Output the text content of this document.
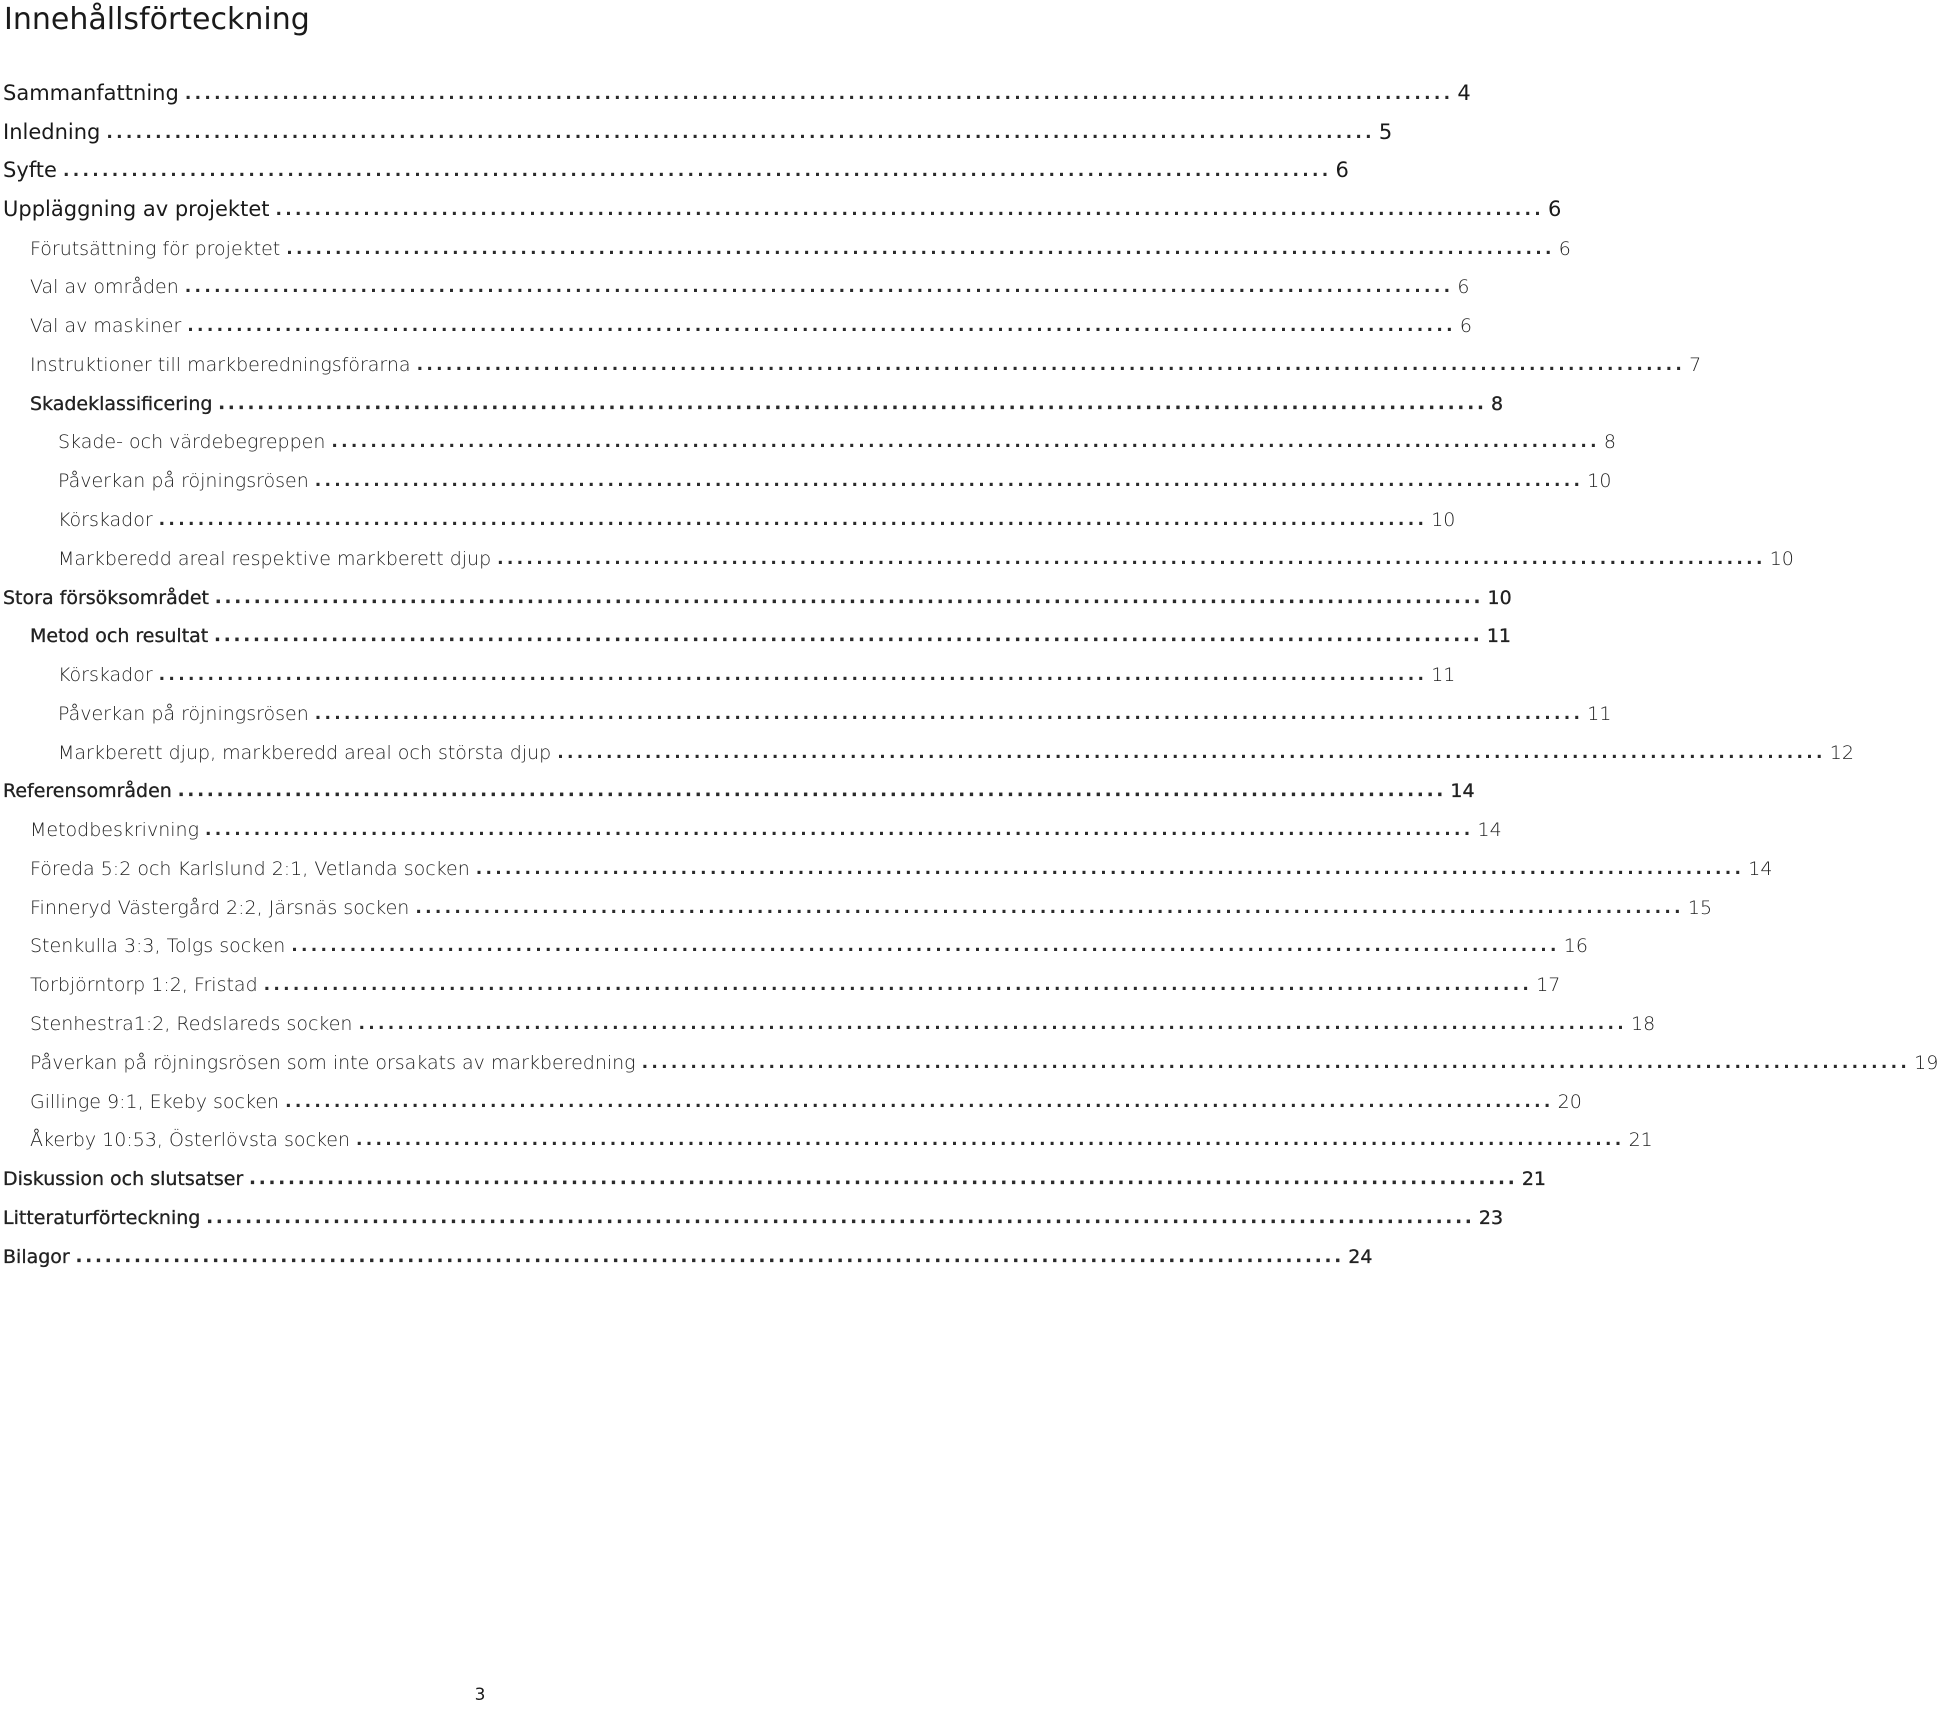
Innehållsförteckning
Sammanfattning .................................................................................................................................. 4
Inledning .................................................................................................................................. 5
Syfte .................................................................................................................................. 6
Uppläggning av projektet .................................................................................................................................. 6
Förutsättning för projektet .................................................................................................................................. 6
Val av områden .................................................................................................................................. 6
Val av maskiner .................................................................................................................................. 6
Instruktioner till markberedningsförarna .................................................................................................................................. 7
Skadeklassificering .................................................................................................................................. 8
Skade- och värdebegreppen .................................................................................................................................. 8
Påverkan på röjningsrösen .................................................................................................................................. 10
Körskador .................................................................................................................................. 10
Markberedd areal respektive markberett djup .................................................................................................................................. 10
Stora försöksområdet .................................................................................................................................. 10
Metod och resultat .................................................................................................................................. 11
Körskador .................................................................................................................................. 11
Påverkan på röjningsrösen .................................................................................................................................. 11
Markberett djup, markberedd areal och största djup .................................................................................................................................. 12
Referensområden .................................................................................................................................. 14
Metodbeskrivning .................................................................................................................................. 14
Föreda 5:2 och Karlslund 2:1, Vetlanda socken .................................................................................................................................. 14
Finneryd Västergård 2:2, Järsnäs socken .................................................................................................................................. 15
Stenkulla 3:3, Tolgs socken .................................................................................................................................. 16
Torbjörntorp 1:2, Fristad .................................................................................................................................. 17
Stenhestra1:2, Redslareds socken .................................................................................................................................. 18
Påverkan på röjningsrösen som inte orsakats av markberedning .................................................................................................................................. 19
Gillinge 9:1, Ekeby socken .................................................................................................................................. 20
Åkerby 10:53, Österlövsta socken .................................................................................................................................. 21
Diskussion och slutsatser .................................................................................................................................. 21
Litteraturförteckning .................................................................................................................................. 23
Bilagor .................................................................................................................................. 24
3
